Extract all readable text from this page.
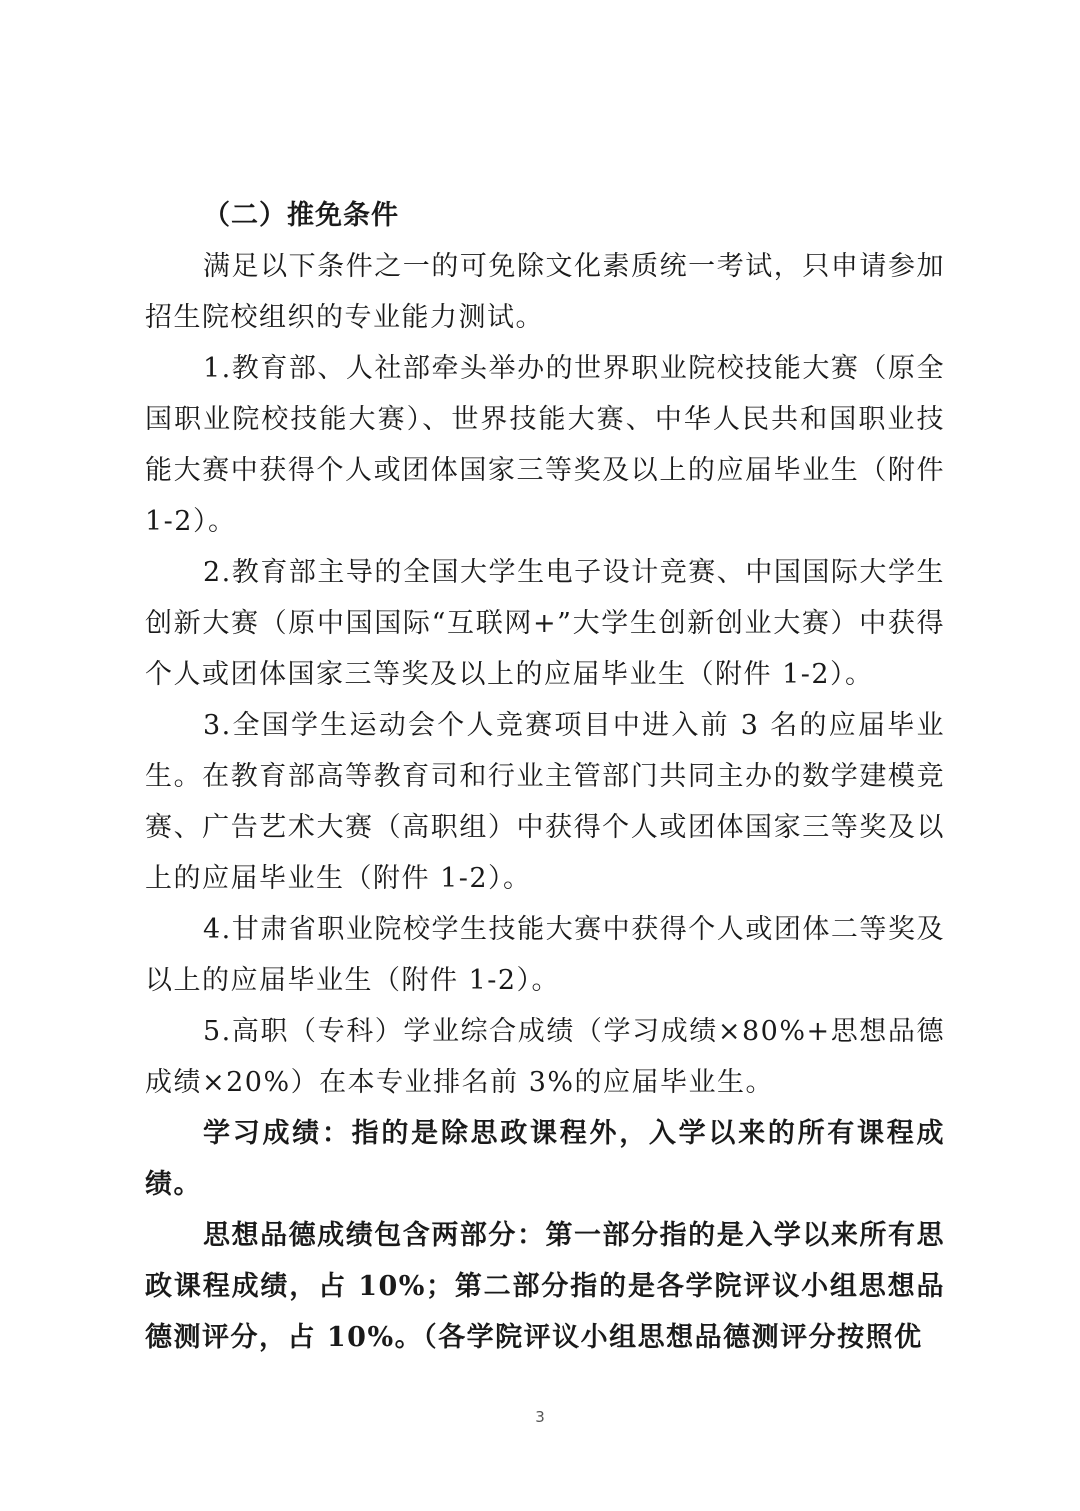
（二）推免条件

满足以下条件之一的可免除文化素质统一考试，只申请参加招生院校组织的专业能力测试。

1.教育部、人社部牵头举办的世界职业院校技能大赛（原全国职业院校技能大赛）、世界技能大赛、中华人民共和国职业技能大赛中获得个人或团体国家三等奖及以上的应届毕业生（附件1-2）。

2.教育部主导的全国大学生电子设计竞赛、中国国际大学生创新大赛（原中国国际“互联网+”大学生创新创业大赛）中获得个人或团体国家三等奖及以上的应届毕业生（附件 1-2）。

3.全国学生运动会个人竞赛项目中进入前 3 名的应届毕业生。在教育部高等教育司和行业主管部门共同主办的数学建模竞赛、广告艺术大赛（高职组）中获得个人或团体国家三等奖及以上的应届毕业生（附件 1-2）。

4.甘肃省职业院校学生技能大赛中获得个人或团体二等奖及以上的应届毕业生（附件 1-2）。

5.高职（专科）学业综合成绩（学习成绩×80%+思想品德成绩×20%）在本专业排名前 3%的应届毕业生。

学习成绩：指的是除思政课程外，入学以来的所有课程成绩。

思想品德成绩包含两部分：第一部分指的是入学以来所有思政课程成绩，占 10%；第二部分指的是各学院评议小组思想品德测评分，占 10%。（各学院评议小组思想品德测评分按照优

3
